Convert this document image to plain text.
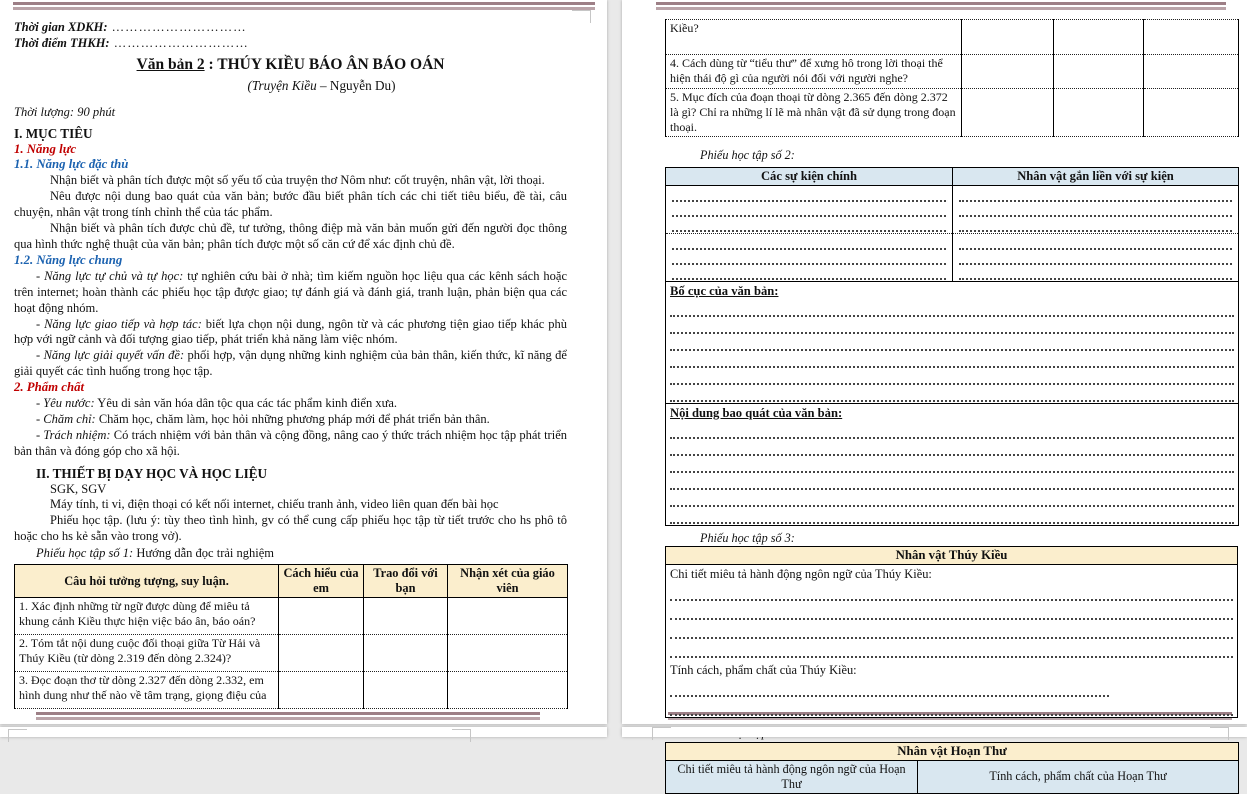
Thời gian XDKH: …………………………
Thời điểm THKH: …………………………
Văn bản 2 : THÚY KIỀU BÁO ÂN BÁO OÁN
(Truyện Kiều – Nguyễn Du)
Thời lượng: 90 phút
I. MỤC TIÊU
1. Năng lực
1.1. Năng lực đặc thù
Nhận biết và phân tích được một số yếu tố của truyện thơ Nôm như: cốt truyện, nhân vật, lời thoại.
Nêu được nội dung bao quát của văn bản; bước đầu biết phân tích các chi tiết tiêu biểu, đề tài, câu chuyện, nhân vật trong tính chỉnh thể của tác phẩm.
Nhận biết và phân tích được chủ đề, tư tưởng, thông điệp mà văn bản muốn gửi đến người đọc thông qua hình thức nghệ thuật của văn bản; phân tích được một số căn cứ để xác định chủ đề.
1.2. Năng lực chung
- Năng lực tự chủ và tự học: tự nghiên cứu bài ở nhà; tìm kiếm nguồn học liệu qua các kênh sách hoặc trên internet; hoàn thành các phiếu học tập được giao; tự đánh giá và đánh giá, tranh luận, phản biện qua các hoạt động nhóm.
- Năng lực giao tiếp và hợp tác: biết lựa chọn nội dung, ngôn từ và các phương tiện giao tiếp khác phù hợp với ngữ cảnh và đối tượng giao tiếp, phát triển khả năng làm việc nhóm.
- Năng lực giải quyết vấn đề: phối hợp, vận dụng những kinh nghiệm của bản thân, kiến thức, kĩ năng để giải quyết các tình huống trong học tập.
2. Phẩm chất
- Yêu nước: Yêu di sản văn hóa dân tộc qua các tác phẩm kinh điển xưa.
- Chăm chỉ: Chăm học, chăm làm, học hỏi những phương pháp mới để phát triển bản thân.
- Trách nhiệm: Có trách nhiệm với bản thân và cộng đồng, nâng cao ý thức trách nhiệm học tập phát triển bản thân và đóng góp cho xã hội.
II. THIẾT BỊ DẠY HỌC VÀ HỌC LIỆU
SGK, SGV
Máy tính, ti vi, điện thoại có kết nối internet, chiếu tranh ảnh, video liên quan đến bài học
Phiếu học tập. (lưu ý: tùy theo tình hình, gv có thể cung cấp phiếu học tập từ tiết trước cho hs phô tô hoặc cho hs kẻ sẵn vào trong vở).
Phiếu học tập số 1: Hướng dẫn đọc trải nghiệm
Câu hỏi tưởng tượng, suy luận.	Cách hiểu của em	Trao đổi với bạn	Nhận xét của giáo viên
1. Xác định những từ ngữ được dùng để miêu tả khung cảnh Kiều thực hiện việc báo ân, báo oán?			
2. Tóm tắt nội dung cuộc đối thoại giữa Từ Hải và Thúy Kiều (từ dòng 2.319 đến dòng 2.324)?			
3. Đọc đoạn thơ từ dòng 2.327 đến dòng 2.332, em hình dung như thế nào về tâm trạng, giọng điệu của			
Kiều?			
4. Cách dùng từ “tiểu thư” để xưng hô trong lời thoại thể hiện thái độ gì của người nói đối với người nghe?			
5. Mục đích của đoạn thoại từ dòng 2.365 đến dòng 2.372 là gì? Chỉ ra những lí lẽ mà nhân vật đã sử dụng trong đoạn thoại.			
Phiếu học tập số 2:
Các sự kiện chính	Nhân vật gắn liền với sự kiện

Bố cục của văn bản:	

Nội dung bao quát của văn bản:	
Phiếu học tập số 3:
Nhân vật Thúy Kiều

Chi tiết miêu tả hành động ngôn ngữ của Thúy Kiều:
Tính cách, phẩm chất của Thúy Kiều:
Nhân vật Hoạn Thư
Chi tiết miêu tả hành động ngôn ngữ của Hoạn Thư	Tính cách, phẩm chất của Hoạn Thư
